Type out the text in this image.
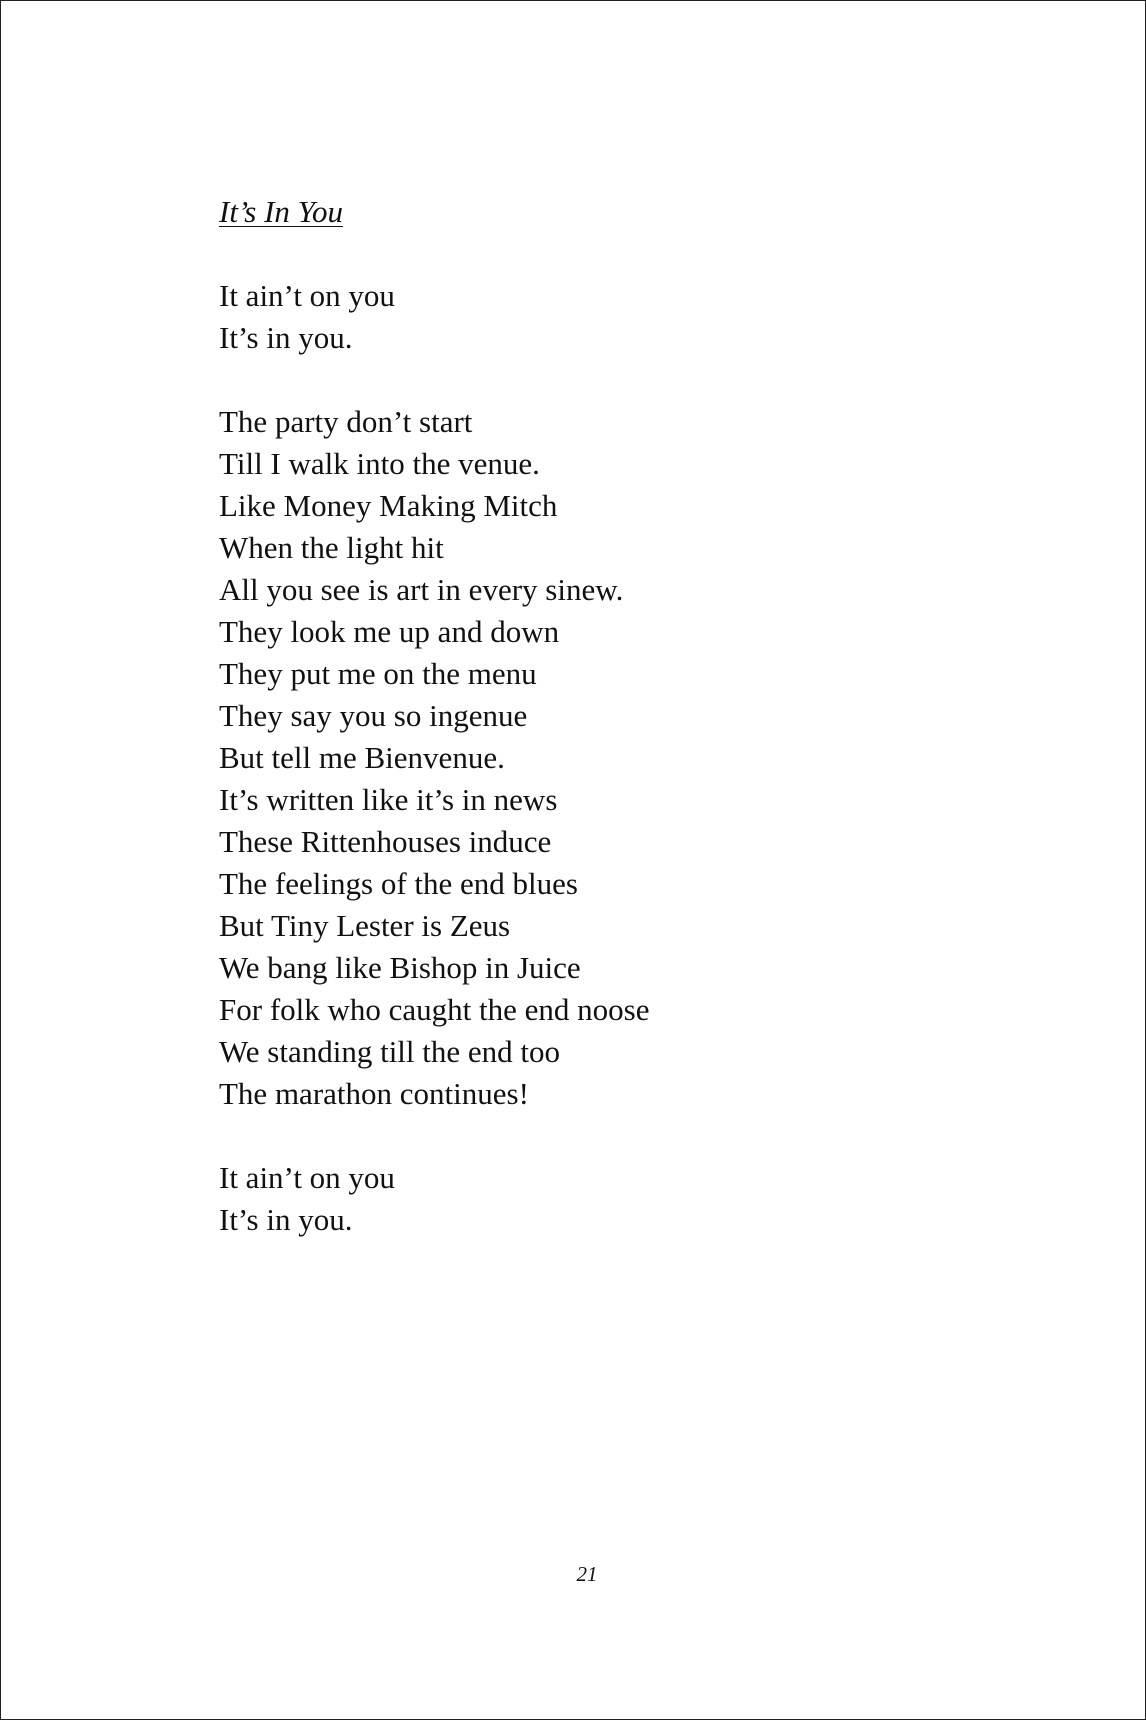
It’s In You
It ain’t on you
It’s in you.
The party don’t start
Till I walk into the venue.
Like Money Making Mitch
When the light hit
All you see is art in every sinew.
They look me up and down
They put me on the menu
They say you so ingenue
But tell me Bienvenue.
It’s written like it’s in news
These Rittenhouses induce
The feelings of the end blues
But Tiny Lester is Zeus
We bang like Bishop in Juice
For folk who caught the end noose
We standing till the end too
The marathon continues!
It ain’t on you
It’s in you.
21
